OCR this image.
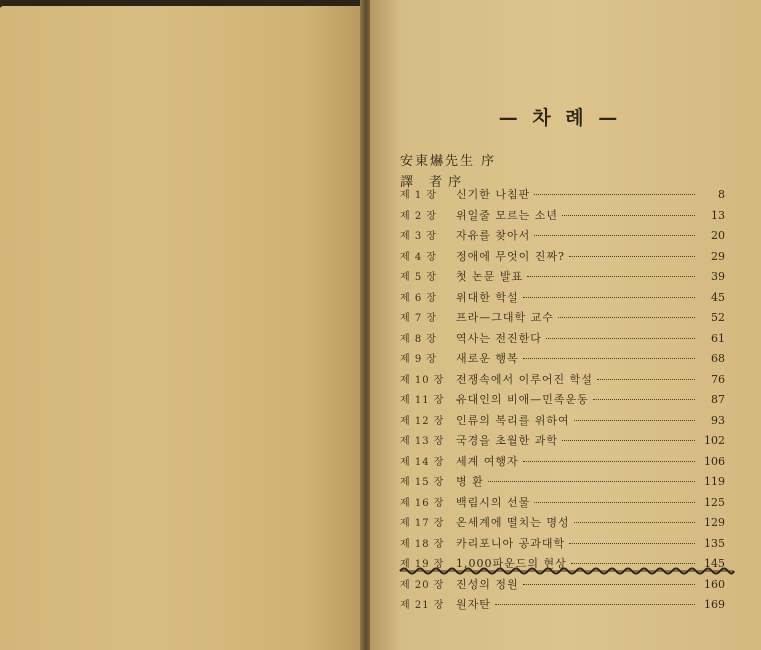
— 차 례 —
安東爀先生 序
譯 者序
제 1 장	신기한 나침판	8
제 2 장	위일줄 모르는 소년	13
제 3 장	자유를 찾아서	20
제 4 장	정애에 무엇이 진짜?	29
제 5 장	첫 논문 발표	39
제 6 장	위대한 학설	45
제 7 장	프라—그대학 교수	52
제 8 장	역사는 전진한다	61
제 9 장	새로운 행복	68
제 10 장	전쟁속에서 이루어진 학설	76
제 11 장	유대인의 비애—민족운동	87
제 12 장	인류의 복리를 위하여	93
제 13 장	국경을 초월한 과학	102
제 14 장	세계 여행자	106
제 15 장	병 환	119
제 16 장	백림시의 선물	125
제 17 장	온세계에 떨치는 명성	129
제 18 장	카리포니아 공과대학	135
제 19 장	1,000파운드의 현상	145
제 20 장	진성의 정원	160
제 21 장	원자탄	169
